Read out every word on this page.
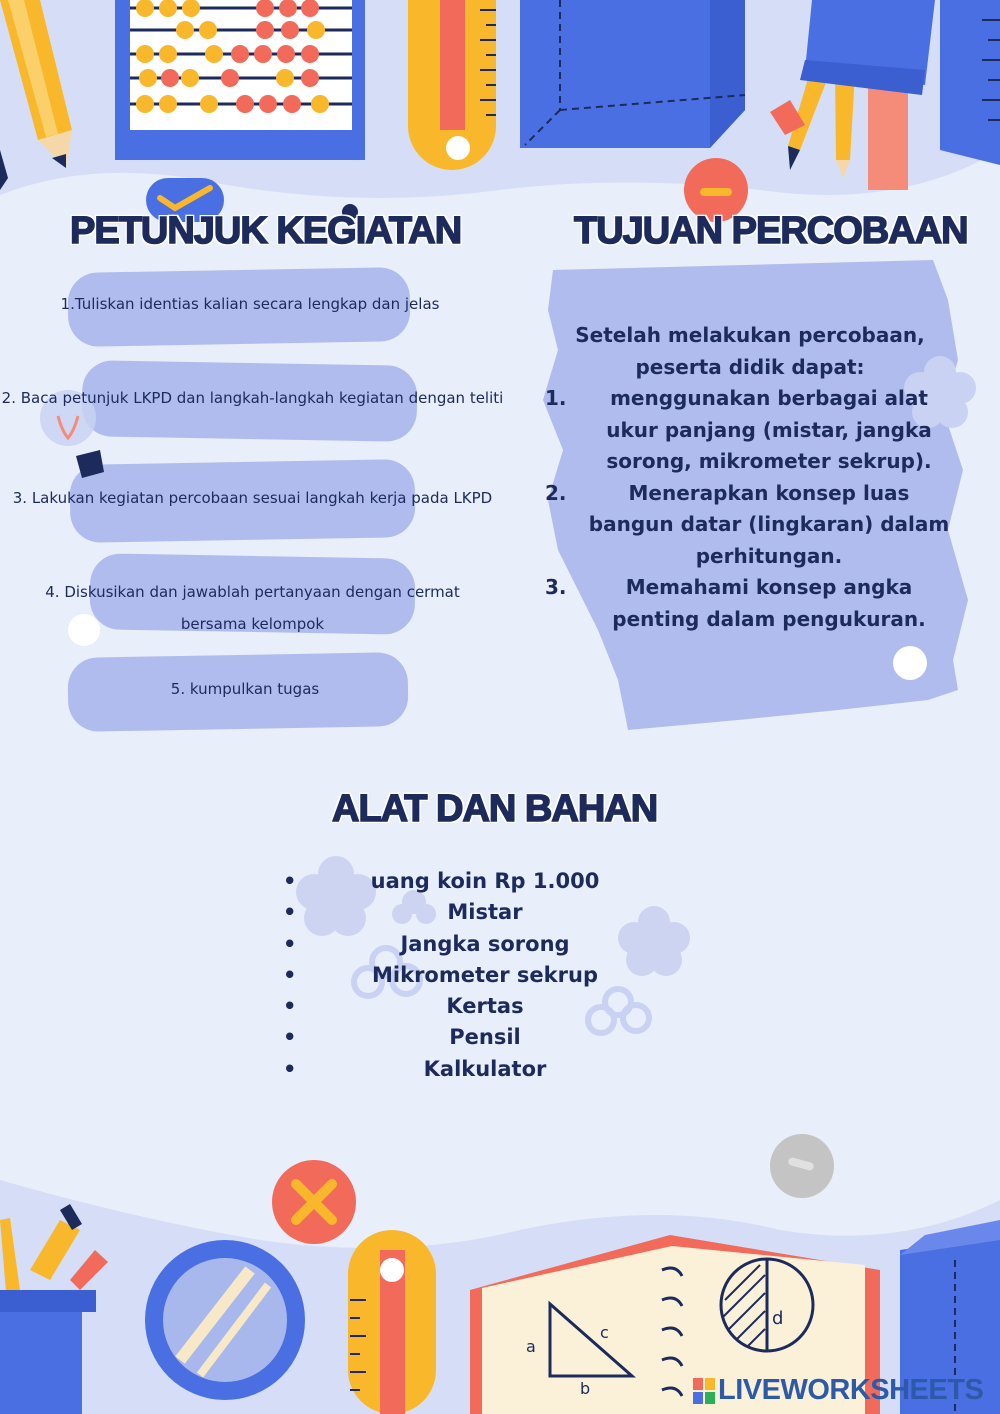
PETUNJUK KEGIATAN	TUJUAN PERCOBAAN
ALAT DAN BAHAN
1.Tuliskan identias kalian secara lengkap dan jelas
2. Baca petunjuk LKPD dan langkah-langkah kegiatan dengan teliti
3. Lakukan kegiatan percobaan sesuai langkah kerja pada LKPD
4. Diskusikan dan jawablah pertanyaan dengan cermat bersama kelompok
5. kumpulkan tugas
Setelah melakukan percobaan, peserta didik dapat:
1.	menggunakan berbagai alat ukur panjang (mistar, jangka sorong, mikrometer sekrup).
2.	Menerapkan konsep luas bangun datar (lingkaran) dalam perhitungan.
3.	Memahami konsep angka penting dalam pengukuran.
•	uang koin Rp 1.000
•	Mistar
•	Jangka sorong
•	Mikrometer sekrup
•	Kertas
•	Pensil
•	Kalkulator
a
b
c
d
LIVEWORKSHEETS
